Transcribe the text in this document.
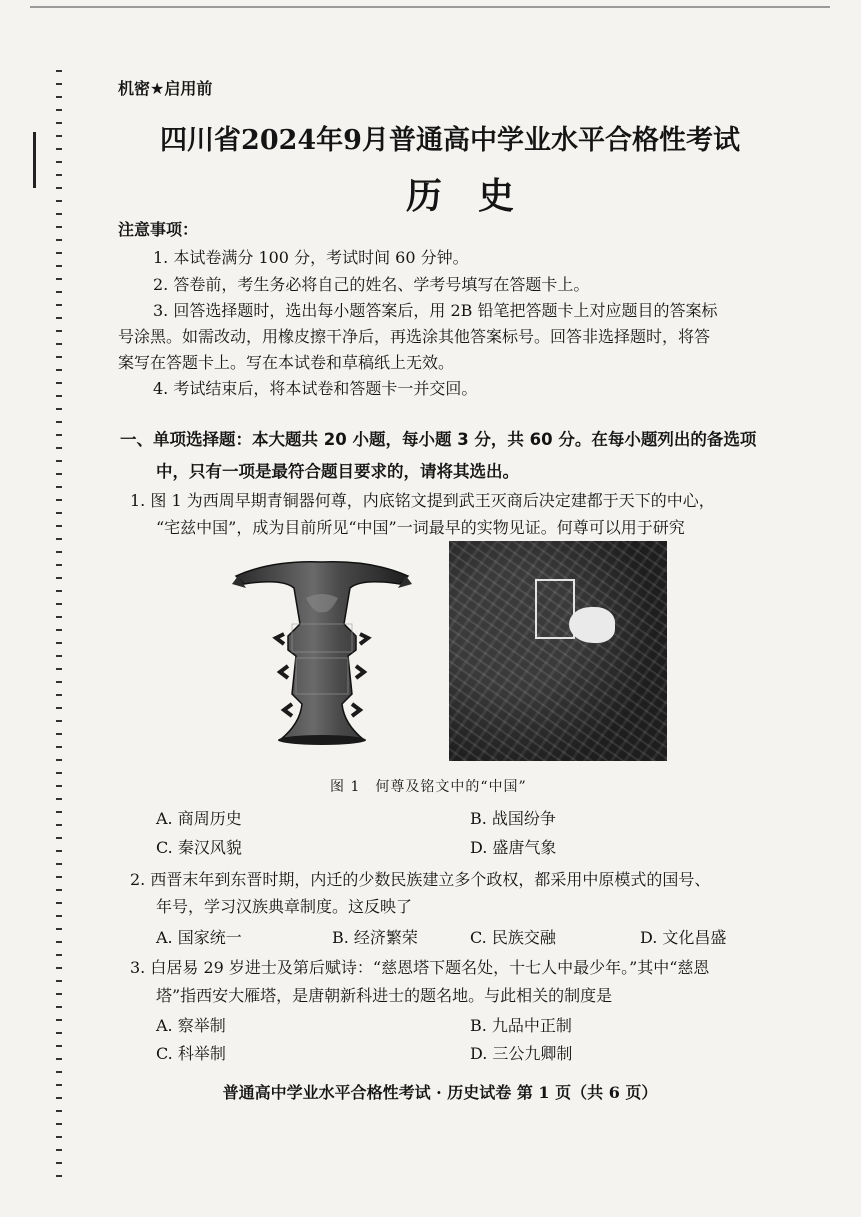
机密★启用前
四川省2024年9月普通高中学业水平合格性考试
历史
注意事项：
1. 本试卷满分 100 分，考试时间 60 分钟。
2. 答卷前，考生务必将自己的姓名、学考号填写在答题卡上。
3. 回答选择题时，选出每小题答案后，用 2B 铅笔把答题卡上对应题目的答案标
号涂黑。如需改动，用橡皮擦干净后，再选涂其他答案标号。回答非选择题时，将答
案写在答题卡上。写在本试卷和草稿纸上无效。
4. 考试结束后，将本试卷和答题卡一并交回。
一、单项选择题：本大题共 20 小题，每小题 3 分，共 60 分。在每小题列出的备选项
中，只有一项是最符合题目要求的，请将其选出。
1. 图 1 为西周早期青铜器何尊，内底铭文提到武王灭商后决定建都于天下的中心，
“宅兹中国”，成为目前所见“中国”一词最早的实物见证。何尊可以用于研究
图 1　何尊及铭文中的“中国”
A. 商周历史	B. 战国纷争
C. 秦汉风貌	D. 盛唐气象
2. 西晋末年到东晋时期，内迁的少数民族建立多个政权，都采用中原模式的国号、
年号，学习汉族典章制度。这反映了
A. 国家统一	B. 经济繁荣	C. 民族交融	D. 文化昌盛
3. 白居易 29 岁进士及第后赋诗：“慈恩塔下题名处，十七人中最少年。”其中“慈恩
塔”指西安大雁塔，是唐朝新科进士的题名地。与此相关的制度是
A. 察举制	B. 九品中正制
C. 科举制	D. 三公九卿制
普通高中学业水平合格性考试 · 历史试卷 第 1 页（共 6 页）
